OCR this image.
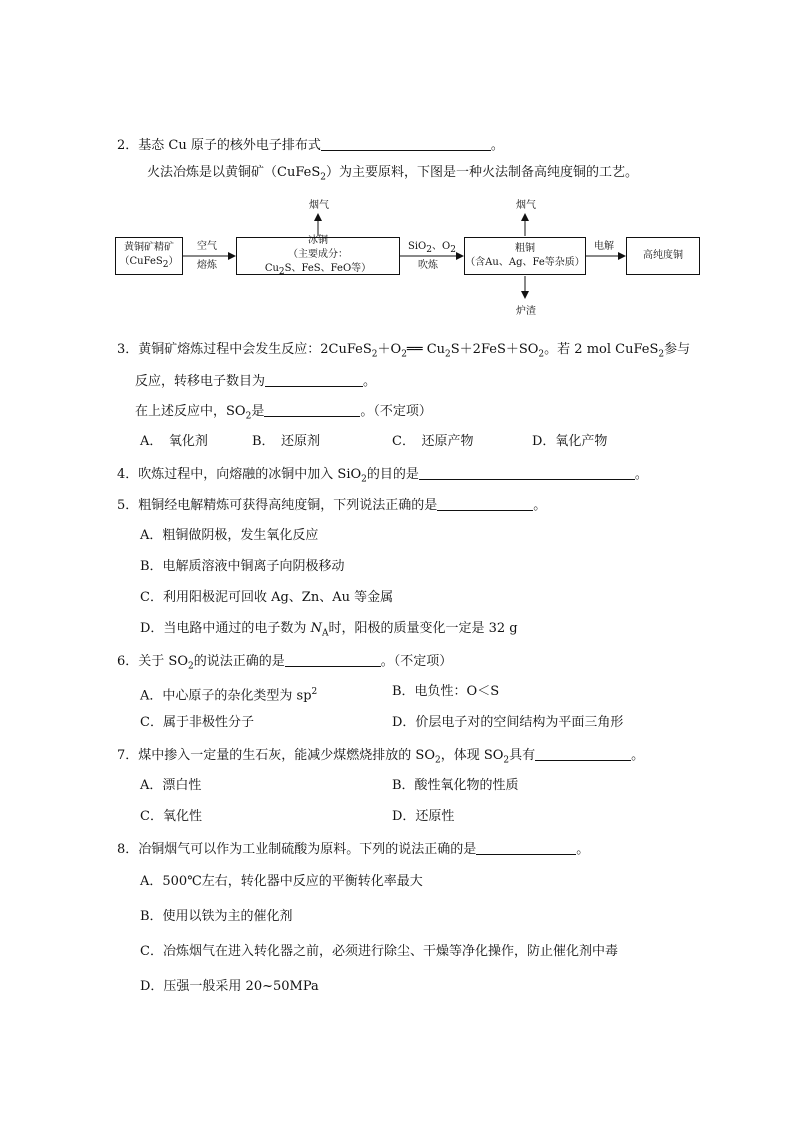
2．基态 Cu 原子的核外电子排布式	。
火法冶炼是以黄铜矿（CuFeS$_2$）为主要原料，下图是一种火法制备高纯度铜的工艺。
黄铜矿精矿
（CuFeS$_2$）
空气
熔炼
冰铜
（主要成分：$Cu_2S$、FeS、FeO等）
烟气
SiO$_2$、$O_2$
吹炼
粗铜
（含Au、Ag、Fe等杂质）
烟气
炉渣
电解
高纯度铜
3．黄铜矿熔炼过程中会发生反应：$2CuFeS_2+O_2══$ $Cu_2S+2FeS+SO_2$。若 2 mol CuFeS$_2$参与
反应，转移电子数目为	。
在上述反应中，$SO_2$是	。（不定项）
A．　氧化剂	B．　还原剂	C．　还原产物	D．氧化产物
4．吹炼过程中，向熔融的冰铜中加入 SiO$_2$的目的是	。
5．粗铜经电解精炼可获得高纯度铜，下列说法正确的是	。
A．粗铜做阴极，发生氧化反应
B．电解质溶液中铜离子向阴极移动
C．利用阳极泥可回收 Ag、Zn、Au 等金属
D．当电路中通过的电子数为 $N_A$时，阳极的质量变化一定是 32 g
6．关于 $SO_2$的说法正确的是	。（不定项）
A．中心原子的杂化类型为 $sp^2$	B．电负性：O＜S
C．属于非极性分子	D．价层电子对的空间结构为平面三角形
7．煤中掺入一定量的生石灰，能减少煤燃烧排放的 $SO_2$，体现 $SO_2$具有	。
A．漂白性	B．酸性氧化物的性质
C．氧化性	D．还原性
8．冶铜烟气可以作为工业制硫酸为原料。下列的说法正确的是	。
A．500℃左右，转化器中反应的平衡转化率最大
B．使用以铁为主的催化剂
C．冶炼烟气在进入转化器之前，必须进行除尘、干燥等净化操作，防止催化剂中毒
D．压强一般采用 20~50MPa
